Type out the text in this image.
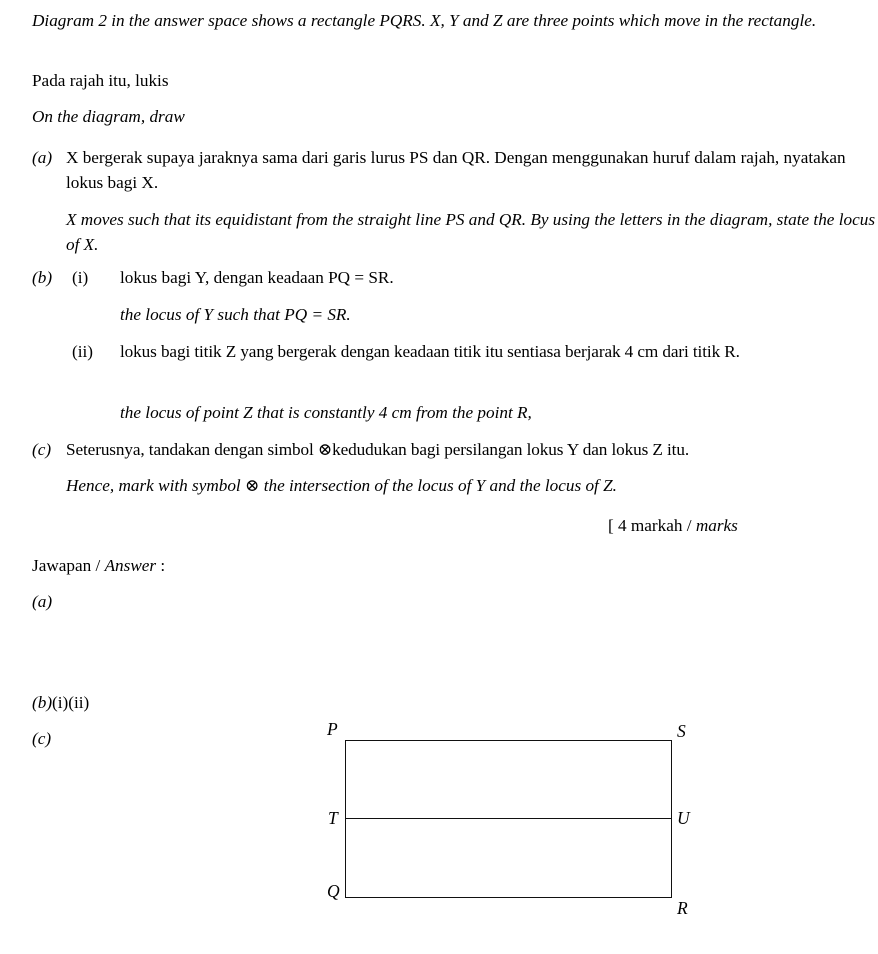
Diagram 2 in the answer space shows a rectangle PQRS. X, Y and Z are three points which move in the rectangle.
Pada rajah itu, lukis
On the diagram, draw
(a) X bergerak supaya jaraknya sama dari garis lurus PS dan QR. Dengan menggunakan huruf dalam rajah, nyatakan lokus bagi X.
X moves such that its equidistant from the straight line PS and QR. By using the letters in the diagram, state the locus of X.
(b)	(i)	lokus bagi Y, dengan keadaan PQ = SR.
the locus of Y such that PQ = SR.
(ii)	lokus bagi titik Z yang bergerak dengan keadaan titik itu sentiasa berjarak 4 cm dari titik R.
the locus of point Z that is constantly 4 cm from the point R,
(c) Seterusnya, tandakan dengan simbol ⊗kedudukan bagi persilangan lokus Y dan lokus Z itu.
Hence, mark with symbol ⊗ the intersection of the locus of Y and the locus of Z.
[ 4 markah / marks
Jawapan / Answer :
(a)
(b)(i)(ii)
(c)	P	S
T	U
Q
R
